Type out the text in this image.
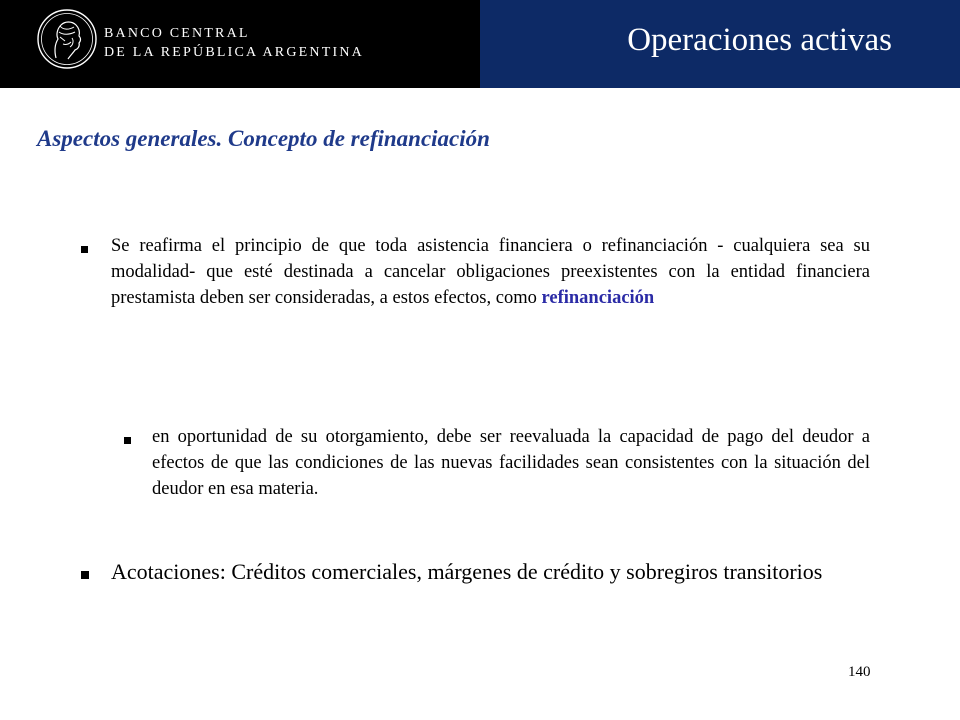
BANCO CENTRAL
DE LA REPÚBLICA ARGENTINA	Operaciones activas
Aspectos generales. Concepto de refinanciación
Se reafirma el principio de que toda asistencia financiera o refinanciación - cualquiera sea su modalidad- que esté destinada a cancelar obligaciones preexistentes con la entidad financiera prestamista deben ser consideradas, a estos efectos, como refinanciación
en oportunidad de su otorgamiento, debe ser reevaluada la capacidad de pago del deudor a efectos de que las condiciones de las nuevas facilidades sean consistentes con la situación del deudor en esa materia.
Acotaciones: Créditos comerciales, márgenes de crédito y sobregiros transitorios
140
